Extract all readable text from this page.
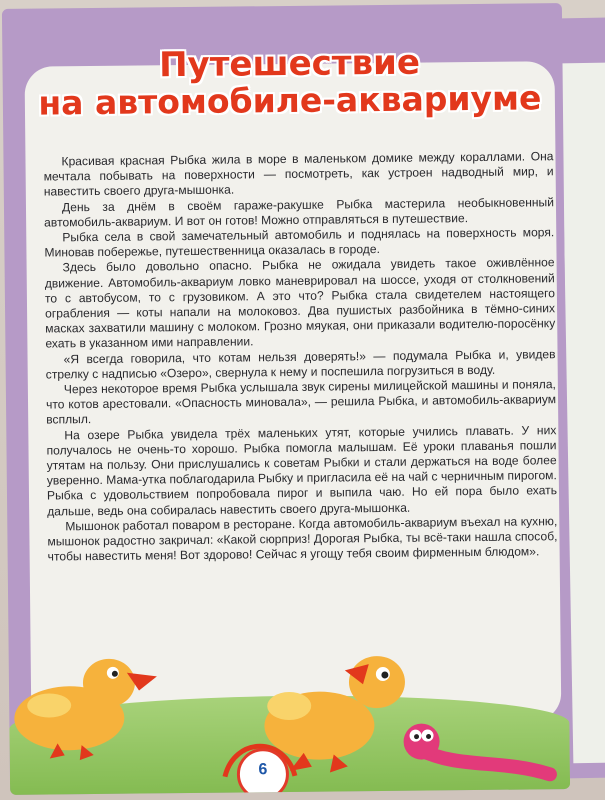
Путешествие
на автомобиле-аквариуме

Красивая красная Рыбка жила в море в маленьком домике между кораллами. Она мечтала побывать на поверхности — посмотреть, как устроен надводный мир, и навестить своего друга-мышонка.

День за днём в своём гараже-ракушке Рыбка мастерила необыкновенный автомобиль-аквариум. И вот он готов! Можно отправляться в путешествие.

Рыбка села в свой замечательный автомобиль и поднялась на поверхность моря. Миновав побережье, путешественница оказалась в городе.

Здесь было довольно опасно. Рыбка не ожидала увидеть такое оживлённое движение. Автомобиль-аквариум ловко маневрировал на шоссе, уходя от столкновений то с автобусом, то с грузовиком. А это что? Рыбка стала свидетелем настоящего ограбления — коты напали на молоковоз. Два пушистых разбойника в тёмно-синих масках захватили машину с молоком. Грозно мяукая, они приказали водителю-поросёнку ехать в указанном ими направлении.

«Я всегда говорила, что котам нельзя доверять!» — подумала Рыбка и, увидев стрелку с надписью «Озеро», свернула к нему и поспешила погрузиться в воду.

Через некоторое время Рыбка услышала звук сирены милицейской машины и поняла, что котов арестовали. «Опасность миновала», — решила Рыбка, и автомобиль-аквариум всплыл.

На озере Рыбка увидела трёх маленьких утят, которые учились плавать. У них получалось не очень-то хорошо. Рыбка помогла малышам. Её уроки плаванья пошли утятам на пользу. Они прислушались к советам Рыбки и стали держаться на воде более уверенно. Мама-утка поблагодарила Рыбку и пригласила её на чай с черничным пирогом. Рыбка с удовольствием попробовала пирог и выпила чаю. Но ей пора было ехать дальше, ведь она собиралась навестить своего друга-мышонка.

Мышонок работал поваром в ресторане. Когда автомобиль-аквариум въехал на кухню, мышонок радостно закричал: «Какой сюрприз! Дорогая Рыбка, ты всё-таки нашла способ, чтобы навестить меня! Вот здорово! Сейчас я угощу тебя своим фирменным блюдом».

6
